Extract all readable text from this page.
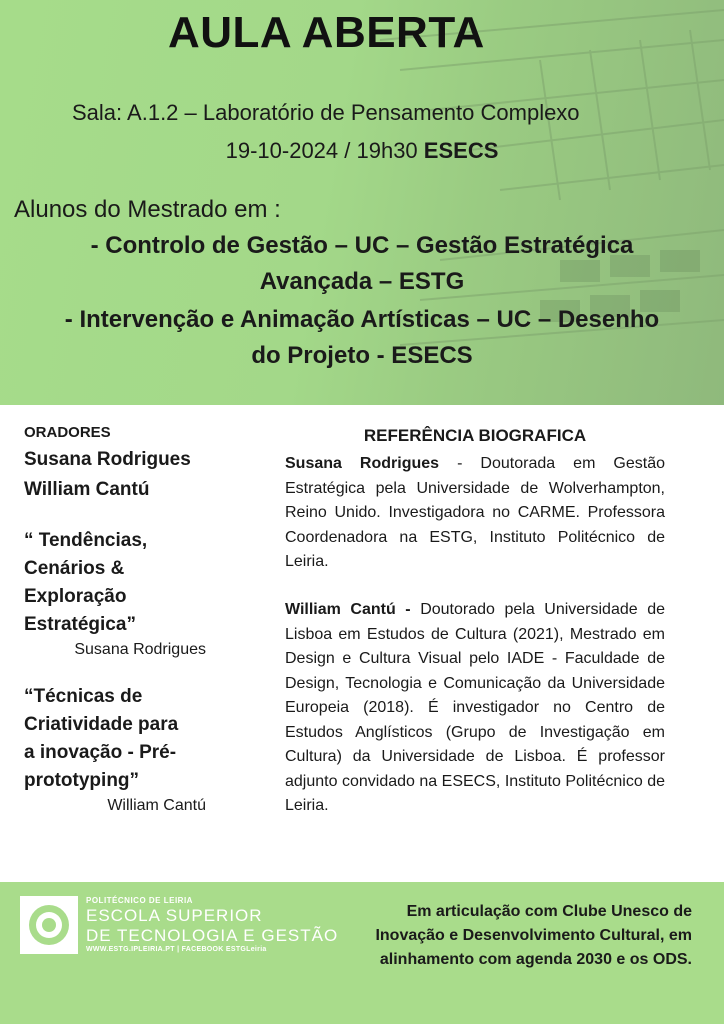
AULA ABERTA
Sala: A.1.2 – Laboratório de Pensamento Complexo
19-10-2024 / 19h30 ESECS
Alunos do Mestrado em :
- Controlo de Gestão – UC – Gestão Estratégica
Avançada – ESTG
- Intervenção e Animação Artísticas – UC – Desenho
do Projeto - ESECS

ORADORES

Susana Rodrigues

William Cantú

“ Tendências,

Cenários &

Exploração

Estratégica”

Susana Rodrigues

“Técnicas de

Criatividade para

a inovação - Pré-

prototyping”

William Cantú

REFERÊNCIA BIOGRAFICA

Susana Rodrigues - Doutorada em Gestão Estratégica pela Universidade de Wolverhampton, Reino Unido. Investigadora no CARME. Professora Coordenadora na ESTG, Instituto Politécnico de Leiria.

William Cantú - Doutorado pela Universidade de Lisboa em Estudos de Cultura (2021), Mestrado em Design e Cultura Visual pelo IADE - Faculdade de Design, Tecnologia e Comunicação da Universidade Europeia (2018). É investigador no Centro de Estudos Anglísticos (Grupo de Investigação em Cultura) da Universidade de Lisboa. É professor adjunto convidado na ESECS, Instituto Politécnico de Leiria.

POLITÉCNICO DE LEIRIA
ESCOLA SUPERIOR
DE TECNOLOGIA E GESTÃO
WWW.ESTG.IPLEIRIA.PT | FACEBOOK ESTGLeiria

Em articulação com Clube Unesco de Inovação e Desenvolvimento Cultural, em alinhamento com agenda 2030 e os ODS.
